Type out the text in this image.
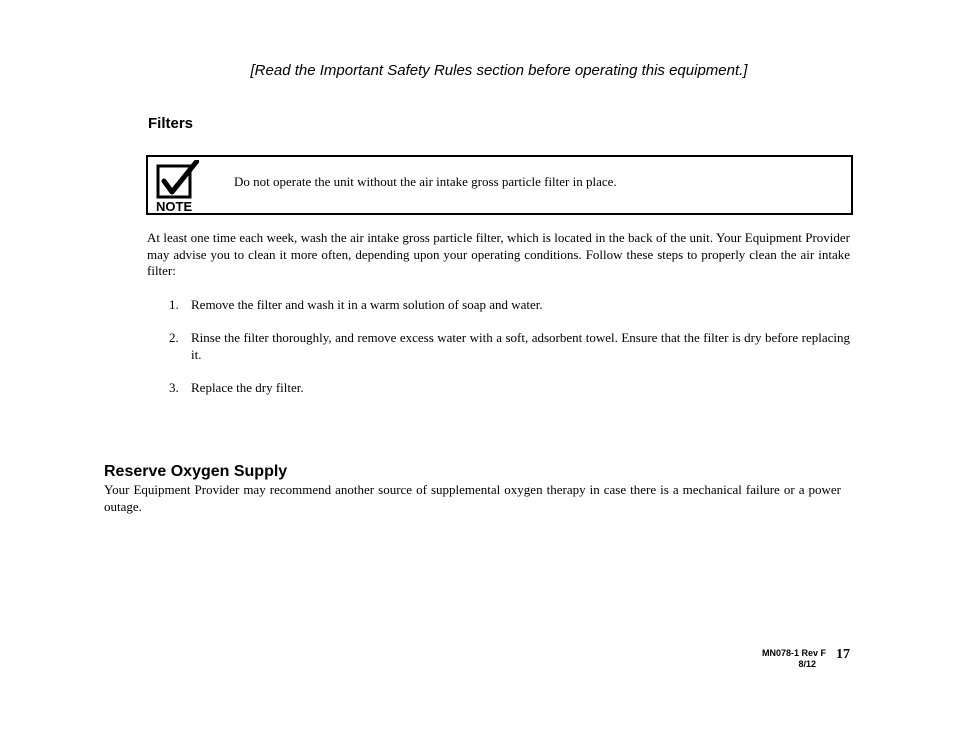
[Read the Important Safety Rules section before operating this equipment.]
Filters
NOTE
Do not operate the unit without the air intake gross particle filter in place.
At least one time each week, wash the air intake gross particle filter, which is located in the back of the unit. Your Equipment Provider may advise you to clean it more often, depending upon your operating conditions. Follow these steps to properly clean the air intake filter:
1. Remove the filter and wash it in a warm solution of soap and water.
2. Rinse the filter thoroughly, and remove excess water with a soft, adsorbent towel. Ensure that the filter is dry before replacing it.
3. Replace the dry filter.
Reserve Oxygen Supply
Your Equipment Provider may recommend another source of supplemental oxygen therapy in case there is a mechanical failure or a power outage.
MN078-1 Rev F
8/12
17
